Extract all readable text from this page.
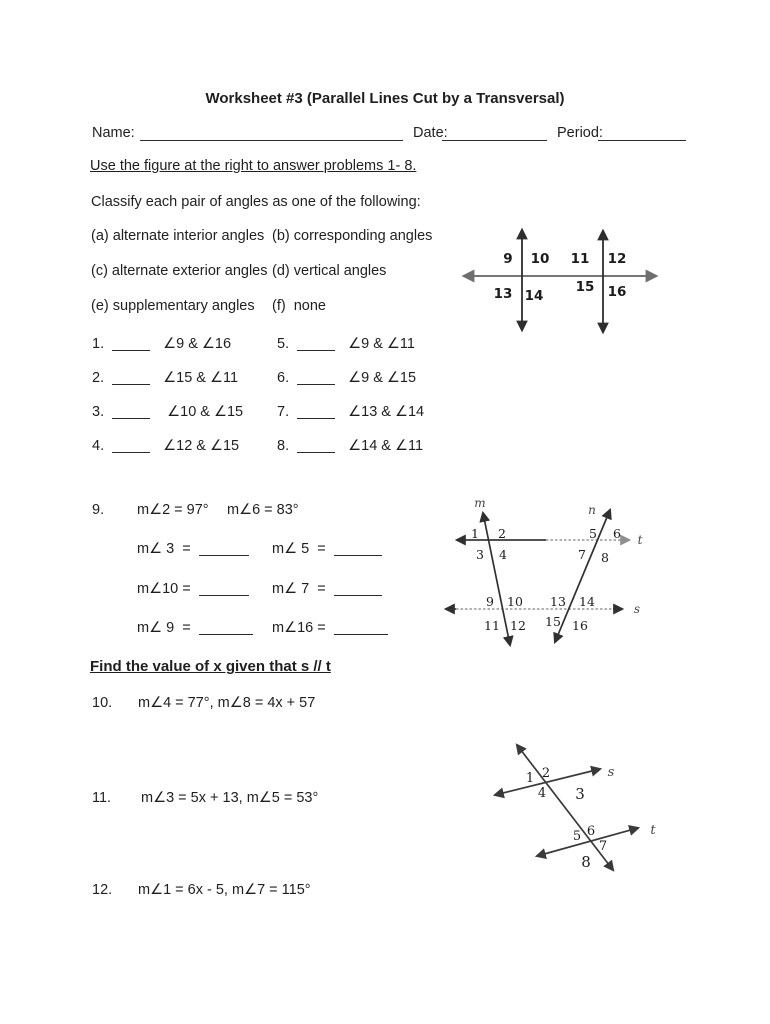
Worksheet #3 (Parallel Lines Cut by a Transversal)
Name:	Date:	Period:
Use the figure at the right to answer problems 1- 8.
Classify each pair of angles as one of the following:
(a) alternate interior angles (b) corresponding angles
(c) alternate exterior angles (d) vertical angles
(e) supplementary angles (f)  none
1.	∠9 & ∠16
2.	∠15 & ∠11
3.	∠10 & ∠15
4.	∠12 & ∠15
5.	∠9 & ∠11
6.	∠9 & ∠15
7.	∠13 & ∠14
8.	∠14 & ∠11
9 10 11 12
13 14
15 16
9. m∠2 = 97° m∠6 = 83°
m∠ 3  =	m∠ 5  =
m∠10 =	m∠ 7  =
m∠ 9  =	m∠16 =
m	n
t
s
1 2
3 4
5 6
7 8
9 10
11 12
13 14
15 16
Find the value of x given that s // t
10. m∠4 = 77°, m∠8 = 4x + 57
11. m∠3 = 5x + 13, m∠5 = 53°
12. m∠1 = 6x - 5, m∠7 = 115°
s
t
1 2
3
4
5 6
7
8
